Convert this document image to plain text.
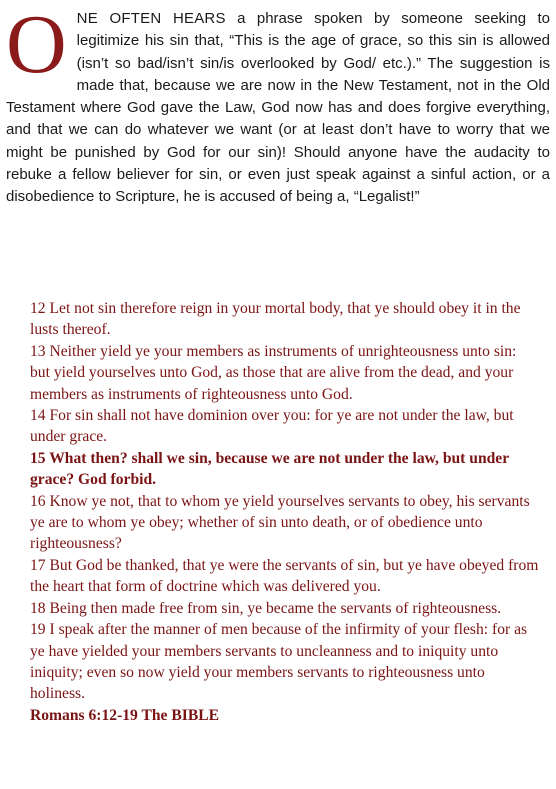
ONE OFTEN HEARS a phrase spoken by someone seeking to legitimize his sin that, “This is the age of grace, so this sin is allowed (isn’t so bad/isn’t sin/is overlooked by God/ etc.).” The suggestion is made that, because we are now in the New Testament, not in the Old Testament where God gave the Law, God now has and does forgive everything, and that we can do whatever we want (or at least don’t have to worry that we might be punished by God for our sin)! Should anyone have the audacity to rebuke a fellow believer for sin, or even just speak against a sinful action, or a disobedience to Scripture, he is accused of being a, “Legalist!”

12 Let not sin therefore reign in your mortal body, that ye should obey it in the lusts thereof.

13 Neither yield ye your members as instruments of unrighteousness unto sin: but yield yourselves unto God, as those that are alive from the dead, and your members as instruments of righteousness unto God.

14 For sin shall not have dominion over you: for ye are not under the law, but under grace.

15 What then? shall we sin, because we are not under the law, but under grace? God forbid.

16 Know ye not, that to whom ye yield yourselves servants to obey, his servants ye are to whom ye obey; whether of sin unto death, or of obedience unto righteousness?

17 But God be thanked, that ye were the servants of sin, but ye have obeyed from the heart that form of doctrine which was delivered you.

18 Being then made free from sin, ye became the servants of righteousness.

19 I speak after the manner of men because of the infirmity of your flesh: for as ye have yielded your members servants to uncleanness and to iniquity unto iniquity; even so now yield your members servants to righteousness unto holiness.

Romans 6:12-19 The BIBLE
